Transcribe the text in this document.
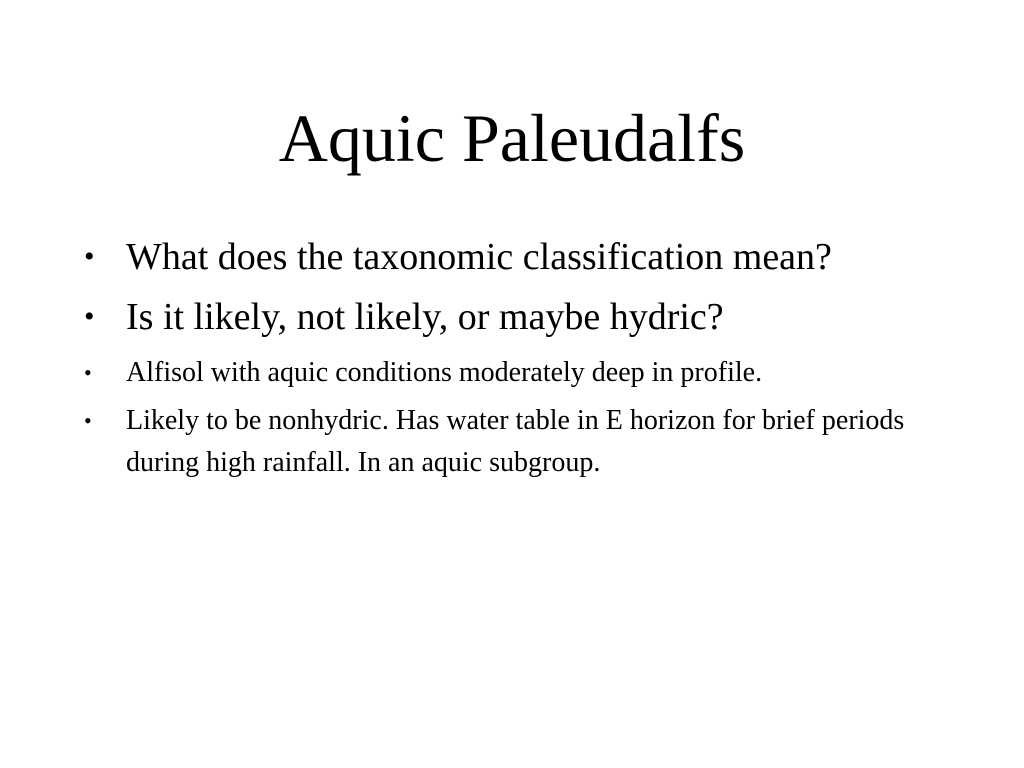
Aquic Paleudalfs
• What does the taxonomic classification mean?
• Is it likely, not likely, or maybe hydric?
•	Alfisol with aquic conditions moderately deep in profile.
•	Likely to be nonhydric. Has water table in E horizon for brief periods during high rainfall. In an aquic subgroup.
